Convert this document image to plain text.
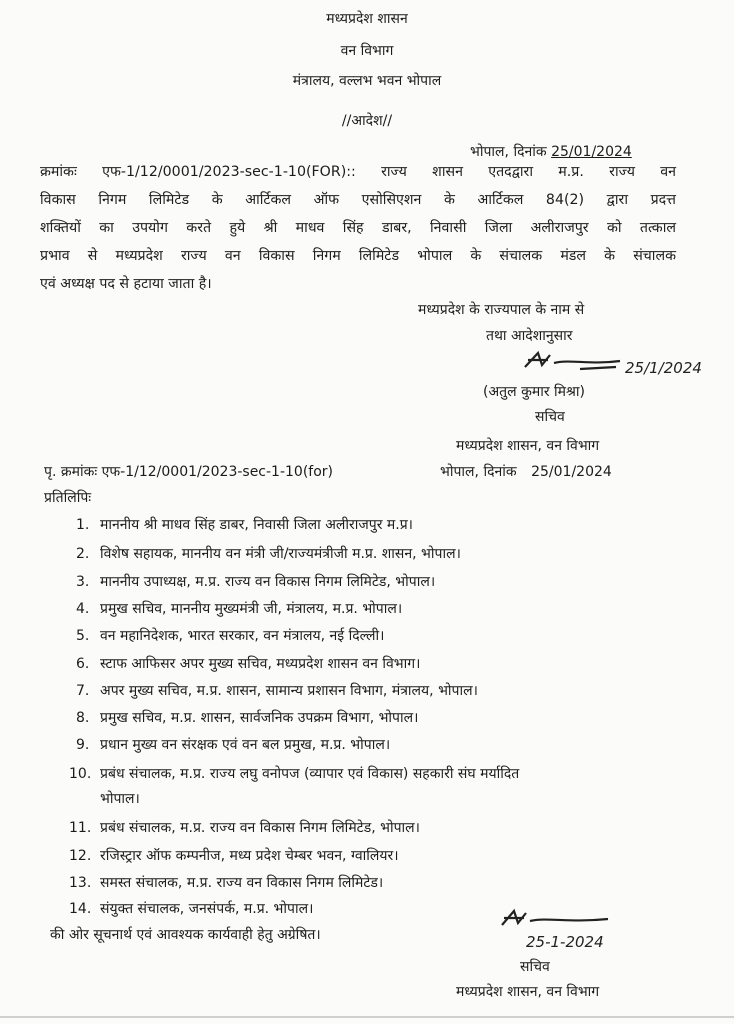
मध्यप्रदेश शासन
वन विभाग
मंत्रालय, वल्लभ भवन भोपाल
//आदेश//
भोपाल, दिनांक 25/01/2024
क्रमांकः एफ-1/12/0001/2023-sec-1-10(FOR):: राज्य शासन एतदद्वारा म.प्र. राज्य वन
विकास निगम लिमिटेड के आर्टिकल ऑफ एसोसिएशन के आर्टिकल 84(2) द्वारा प्रदत्त
शक्तियों का उपयोग करते हुये श्री माधव सिंह डाबर, निवासी जिला अलीराजपुर को तत्काल
प्रभाव से मध्यप्रदेश राज्य वन विकास निगम लिमिटेड भोपाल के संचालक मंडल के संचालक
एवं अध्यक्ष पद से हटाया जाता है।
मध्यप्रदेश के राज्यपाल के नाम से
तथा आदेशानुसार
25/1/2024
(अतुल कुमार मिश्रा)
सचिव
मध्यप्रदेश शासन, वन विभाग
पृ. क्रमांकः एफ-1/12/0001/2023-sec-1-10(for)	भोपाल, दिनांक 25/01/2024
प्रतिलिपिः
1. माननीय श्री माधव सिंह डाबर, निवासी जिला अलीराजपुर म.प्र।
2. विशेष सहायक, माननीय वन मंत्री जी/राज्यमंत्रीजी म.प्र. शासन, भोपाल।
3. माननीय उपाध्यक्ष, म.प्र. राज्य वन विकास निगम लिमिटेड, भोपाल।
4. प्रमुख सचिव, माननीय मुख्यमंत्री जी, मंत्रालय, म.प्र. भोपाल।
5. वन महानिदेशक, भारत सरकार, वन मंत्रालय, नई दिल्ली।
6. स्टाफ आफिसर अपर मुख्य सचिव, मध्यप्रदेश शासन वन विभाग।
7. अपर मुख्य सचिव, म.प्र. शासन, सामान्य प्रशासन विभाग, मंत्रालय, भोपाल।
8. प्रमुख सचिव, म.प्र. शासन, सार्वजनिक उपक्रम विभाग, भोपाल।
9. प्रधान मुख्य वन संरक्षक एवं वन बल प्रमुख, म.प्र. भोपाल।
10. प्रबंध संचालक, म.प्र. राज्य लघु वनोपज (व्यापार एवं विकास) सहकारी संघ मर्यादित
भोपाल।
11. प्रबंध संचालक, म.प्र. राज्य वन विकास निगम लिमिटेड, भोपाल।
12. रजिस्ट्रार ऑफ कम्पनीज, मध्य प्रदेश चेम्बर भवन, ग्वालियर।
13. समस्त संचालक, म.प्र. राज्य वन विकास निगम लिमिटेड।
14. संयुक्त संचालक, जनसंपर्क, म.प्र. भोपाल।
की ओर सूचनार्थ एवं आवश्यक कार्यवाही हेतु अग्रेषित।	25-1-2024
सचिव
मध्यप्रदेश शासन, वन विभाग
